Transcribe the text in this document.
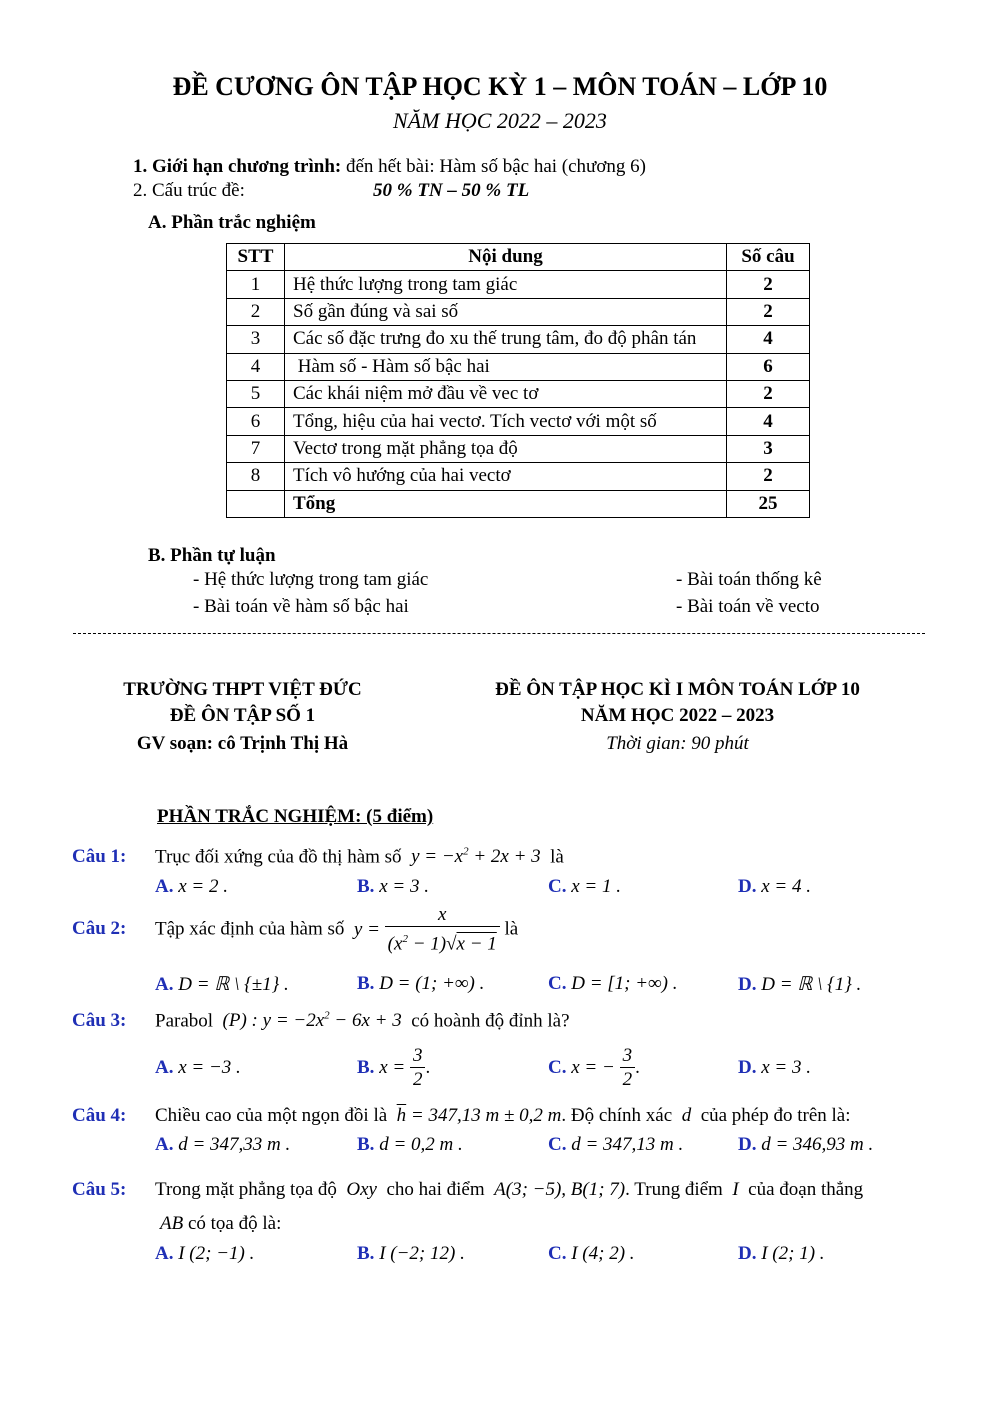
ĐỀ CƯƠNG ÔN TẬP HỌC KỲ 1 – MÔN TOÁN – LỚP 10
NĂM HỌC 2022 – 2023
1. Giới hạn chương trình: đến hết bài: Hàm số bậc hai (chương 6)
2. Cấu trúc đề:	50 % TN – 50 % TL
A. Phần trắc nghiệm
STT	Nội dung	Số câu
1	Hệ thức lượng trong tam giác	2
2	Số gần đúng và sai số	2
3	Các số đặc trưng đo xu thế trung tâm, đo độ phân tán	4
4	Hàm số - Hàm số bậc hai	6
5	Các khái niệm mở đầu về vec tơ	2
6	Tổng, hiệu của hai vectơ. Tích vectơ với một số	4
7	Vectơ trong mặt phẳng tọa độ	3
8	Tích vô hướng của hai vectơ	2
	Tổng	25
B. Phần tự luận
- Hệ thức lượng trong tam giác	- Bài toán thống kê
- Bài toán về hàm số bậc hai	- Bài toán về vecto
TRƯỜNG THPT VIỆT ĐỨC
ĐỀ ÔN TẬP SỐ 1
GV soạn: cô Trịnh Thị Hà
ĐỀ ÔN TẬP HỌC KÌ I MÔN TOÁN LỚP 10
NĂM HỌC 2022 – 2023
Thời gian: 90 phút
PHẦN TRẮC NGHIỆM: (5 điểm)
Câu 1: Trục đối xứng của đồ thị hàm số  $y = -x^2 + 2x + 3$  là
A. x = 2 .	B. x = 3 .	C. x = 1 .	D. x = 4 .
Câu 2: Tập xác định của hàm số  $y = \frac{x}{(x^2 - 1)√x - 1}$ là
A. D = ℝ \ {±1} .	B. D = (1; +∞) .	C. D = [1; +∞) .	D. D = ℝ \ {1} .
Câu 3: Parabol  (P) : $y = -2x^2 - 6x + 3$  có hoành độ đỉnh là?
A. x = −3 .	B. $x = \frac{3}{2}$ .	C. x = − $\frac{3}{2}$ .	D. x = 3 .
Câu 4: Chiều cao của một ngọn đồi là $\overline{h} = 347,13$ m ± 0,2 m. Độ chính xác  d  của phép đo trên là:
A. d = 347,33 m .	B. d = 0,2 m .	C. d = 347,13 m .	D. d = 346,93 m .
Câu 5: Trong mặt phẳng tọa độ  Oxy  cho hai điểm  A(3; −5), B(1; 7). Trung điểm  I  của đoạn thẳng
AB có tọa độ là:
A. I (2; −1) .	B. I (−2; 12) .	C. I (4; 2) .	D. I (2; 1) .
